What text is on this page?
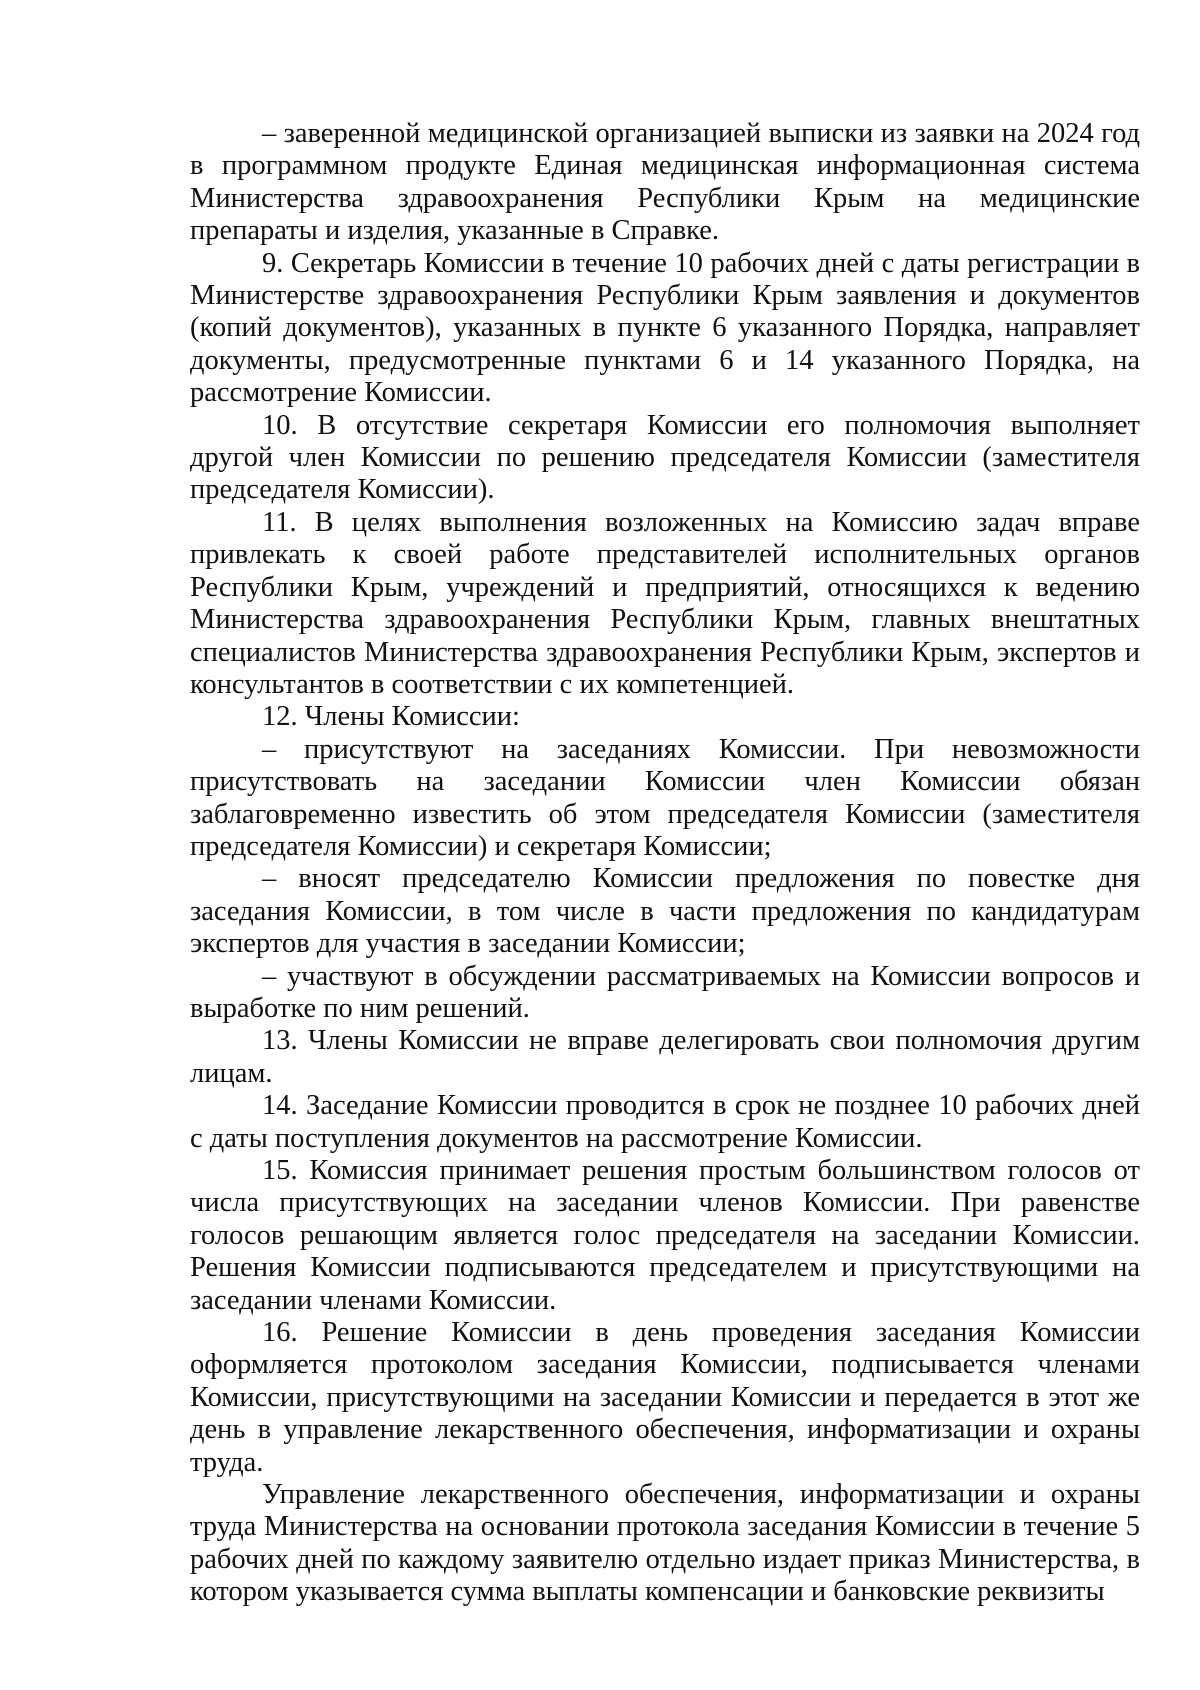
– заверенной медицинской организацией выписки из заявки на 2024 год в программном продукте Единая медицинская информационная система Министерства здравоохранения Республики Крым на медицинские препараты и изделия, указанные в Справке.

9. Секретарь Комиссии в течение 10 рабочих дней с даты регистрации в Министерстве здравоохранения Республики Крым заявления и документов (копий документов), указанных в пункте 6 указанного Порядка, направляет документы, предусмотренные пунктами 6 и 14 указанного Порядка, на рассмотрение Комиссии.

10. В отсутствие секретаря Комиссии его полномочия выполняет другой член Комиссии по решению председателя Комиссии (заместителя председателя Комиссии).

11. В целях выполнения возложенных на Комиссию задач вправе привлекать к своей работе представителей исполнительных органов Республики Крым, учреждений и предприятий, относящихся к ведению Министерства здравоохранения Республики Крым, главных внештатных специалистов Министерства здравоохранения Республики Крым, экспертов и консультантов в соответствии с их компетенцией.

12. Члены Комиссии:

– присутствуют на заседаниях Комиссии. При невозможности присутствовать на заседании Комиссии член Комиссии обязан заблаговременно известить об этом председателя Комиссии (заместителя председателя Комиссии) и секретаря Комиссии;

– вносят председателю Комиссии предложения по повестке дня заседания Комиссии, в том числе в части предложения по кандидатурам экспертов для участия в заседании Комиссии;

– участвуют в обсуждении рассматриваемых на Комиссии вопросов и выработке по ним решений.

13. Члены Комиссии не вправе делегировать свои полномочия другим лицам.

14. Заседание Комиссии проводится в срок не позднее 10 рабочих дней с даты поступления документов на рассмотрение Комиссии.

15. Комиссия принимает решения простым большинством голосов от числа присутствующих на заседании членов Комиссии. При равенстве голосов решающим является голос председателя на заседании Комиссии. Решения Комиссии подписываются председателем и присутствующими на заседании членами Комиссии.

16. Решение Комиссии в день проведения заседания Комиссии оформляется протоколом заседания Комиссии, подписывается членами Комиссии, присутствующими на заседании Комиссии и передается в этот же день в управление лекарственного обеспечения, информатизации и охраны труда.

Управление лекарственного обеспечения, информатизации и охраны труда Министерства на основании протокола заседания Комиссии в течение 5 рабочих дней по каждому заявителю отдельно издает приказ Министерства, в котором указывается сумма выплаты компенсации и банковские реквизиты
